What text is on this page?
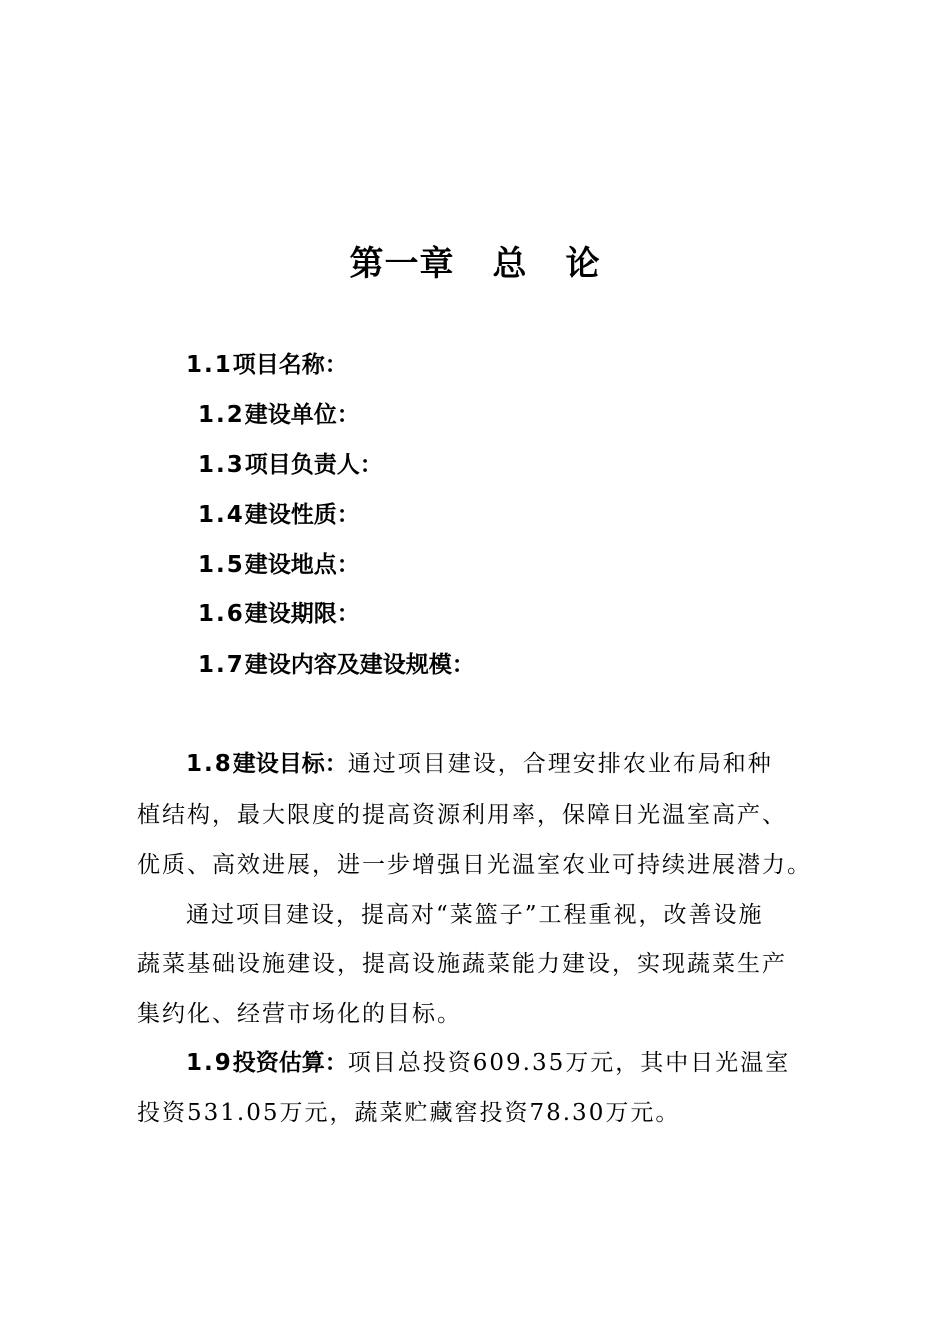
第一章 总 论
1.1项目名称：
1.2建设单位：
1.3项目负责人：
1.4建设性质：
1.5建设地点：
1.6建设期限：
1.7建设内容及建设规模：
1.8建设目标：通过项目建设，合理安排农业布局和种
植结构，最大限度的提高资源利用率，保障日光温室高产、
优质、高效进展，进一步增强日光温室农业可持续进展潜力。
通过项目建设，提高对“菜篮子”工程重视，改善设施
蔬菜基础设施建设，提高设施蔬菜能力建设，实现蔬菜生产
集约化、经营市场化的目标。
1.9投资估算：项目总投资609.35万元，其中日光温室
投资531.05万元，蔬菜贮藏窖投资78.30万元。
